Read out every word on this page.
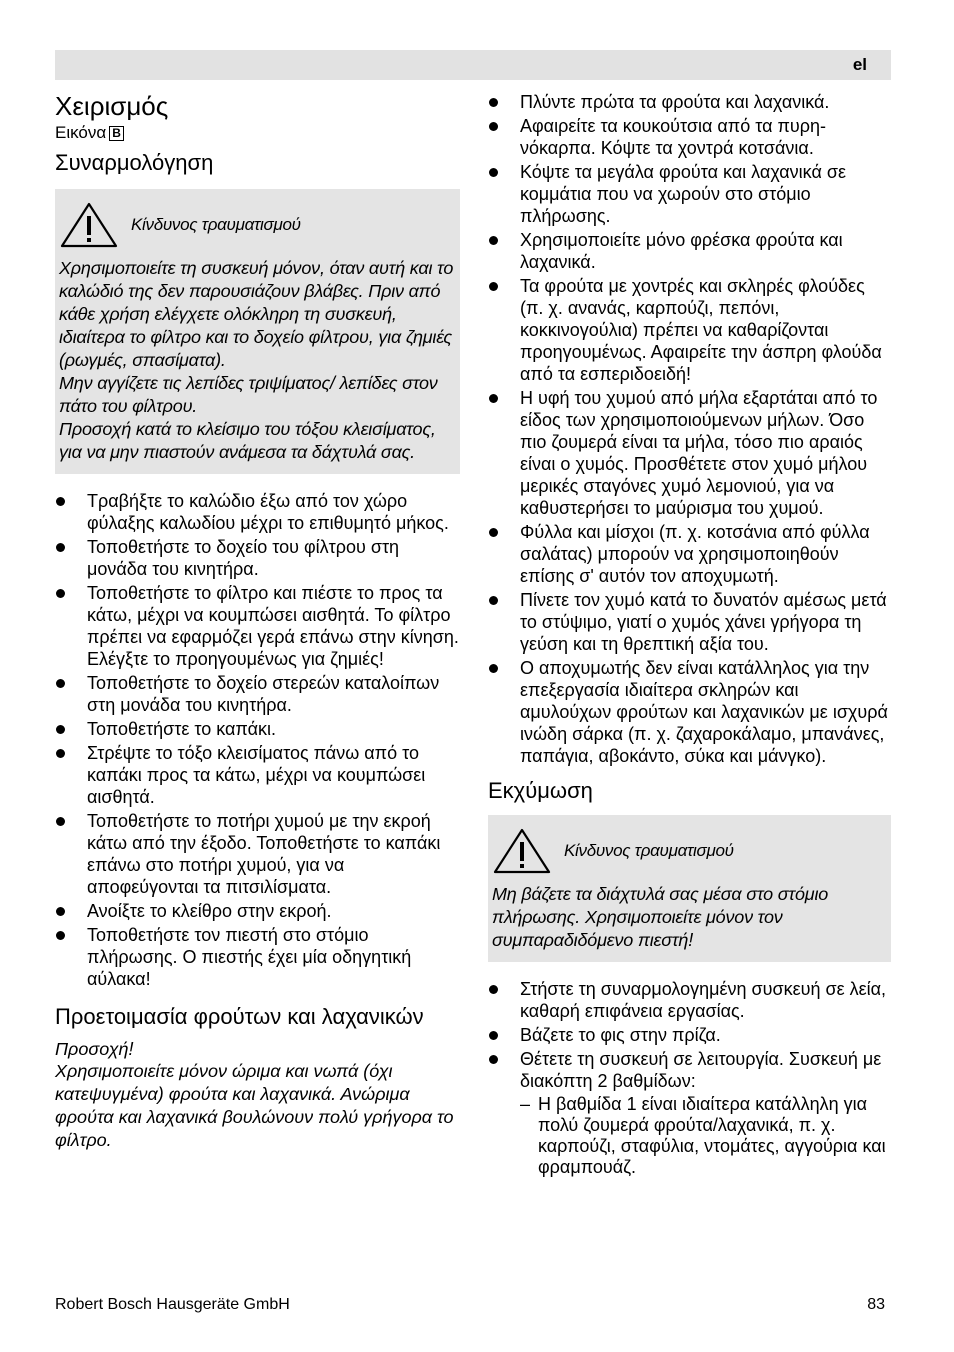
el
Χειρισμός
Εικόνα B
Συναρμολόγηση
Κίνδυνος τραυματισμού

Χρησιμοποιείτε τη συσκευή μόνον, όταν αυτή και το καλώδιό της δεν παρουσιάζουν βλάβες. Πριν από κάθε χρήση ελέγχετε ολόκληρη τη συσκευή, ιδιαίτερα το φίλτρο και το δοχείο φίλτρου, για ζημιές (ρωγμές, σπασίματα).

Μην αγγίζετε τις λεπίδες τριψίματος/ λεπίδες στον πάτο του φίλτρου.

Προσοχή κατά το κλείσιμο του τόξου κλεισίματος, για να μην πιαστούν ανάμεσα τα δάχτυλά σας.

Τραβήξτε το καλώδιο έξω από τον χώρο φύλαξης καλωδίου μέχρι το επιθυμητό μήκος.
Τοποθετήστε το δοχείο του φίλτρου στη μονάδα του κινητήρα.
Τοποθετήστε το φίλτρο και πιέστε το προς τα κάτω, μέχρι να κουμπώσει αισθητά. Το φίλτρο πρέπει να εφαρμόζει γερά επάνω στην κίνηση. Ελέγξτε το προηγουμένως για ζημιές!
Τοποθετήστε το δοχείο στερεών καταλοίπων στη μονάδα του κινητήρα.
Τοποθετήστε το καπάκι.
Στρέψτε το τόξο κλεισίματος πάνω από το καπάκι προς τα κάτω, μέχρι να κουμπώσει αισθητά.
Τοποθετήστε το ποτήρι χυμού με την εκροή κάτω από την έξοδο. Τοποθετήστε το καπάκι επάνω στο ποτήρι χυμού, για να αποφεύγονται τα πιτσιλίσματα.
Ανοίξτε το κλείθρο στην εκροή.
Τοποθετήστε τον πιεστή στο στόμιο πλήρωσης. Ο πιεστής έχει μία οδηγητική αύλακα!
Προετοιμασία φρούτων και λαχανικών
Προσοχή!
Χρησιμοποιείτε μόνον ώριμα και νωπά (όχι κατεψυγμένα) φρούτα και λαχανικά. Ανώριμα φρούτα και λαχανικά βουλώνουν πολύ γρήγορα το φίλτρο.
Πλύντε πρώτα τα φρούτα και λαχανικά.
Αφαιρείτε τα κουκούτσια από τα πυρηνόκαρπα. Κόψτε τα χοντρά κοτσάνια.
Κόψτε τα μεγάλα φρούτα και λαχανικά σε κομμάτια που να χωρούν στο στόμιο πλήρωσης.
Χρησιμοποιείτε μόνο φρέσκα φρούτα και λαχανικά.
Τα φρούτα με χοντρές και σκληρές φλούδες (π. χ. ανανάς, καρπούζι, πεπόνι, κοκκινογούλια) πρέπει να καθαρίζονται προηγουμένως. Αφαιρείτε την άσπρη φλούδα από τα εσπεριδοειδή!
Η υφή του χυμού από μήλα εξαρτάται από το είδος των χρησιμοποιούμενων μήλων. Όσο πιο ζουμερά είναι τα μήλα, τόσο πιο αραιός είναι ο χυμός. Προσθέτετε στον χυμό μήλου μερικές σταγόνες χυμό λεμονιού, για να καθυστερήσει το μαύρισμα του χυμού.
Φύλλα και μίσχοι (π. χ. κοτσάνια από φύλλα σαλάτας) μπορούν να χρησιμοποιηθούν επίσης σ' αυτόν τον αποχυμωτή.
Πίνετε τον χυμό κατά το δυνατόν αμέσως μετά το στύψιμο, γιατί ο χυμός χάνει γρήγορα τη γεύση και τη θρεπτική αξία του.
Ο αποχυμωτής δεν είναι κατάλληλος για την επεξεργασία ιδιαίτερα σκληρών και αμυλούχων φρούτων και λαχανικών με ισχυρά ινώδη σάρκα (π. χ. ζαχαροκάλαμο, μπανάνες, παπάγια, αβοκάντο, σύκα και μάνγκο).
Εκχύμωση
Κίνδυνος τραυματισμού
Μη βάζετε τα διάχτυλά σας μέσα στο στόμιο πλήρωσης. Χρησιμοποιείτε μόνον τον συμπαραδιδόμενο πιεστή!
Στήστε τη συναρμολογημένη συσκευή σε λεία, καθαρή επιφάνεια εργασίας.
Βάζετε το φις στην πρίζα.
Θέτετε τη συσκευή σε λειτουργία. Συσκευή με διακόπτη 2 βαθμίδων:
– Η βαθμίδα 1 είναι ιδιαίτερα κατάλληλη για πολύ ζουμερά φρούτα/λαχανικά, π. χ. καρπούζι, σταφύλια, ντομάτες, αγγούρια και φραμπουάζ.
Robert Bosch Hausgeräte GmbH	83
